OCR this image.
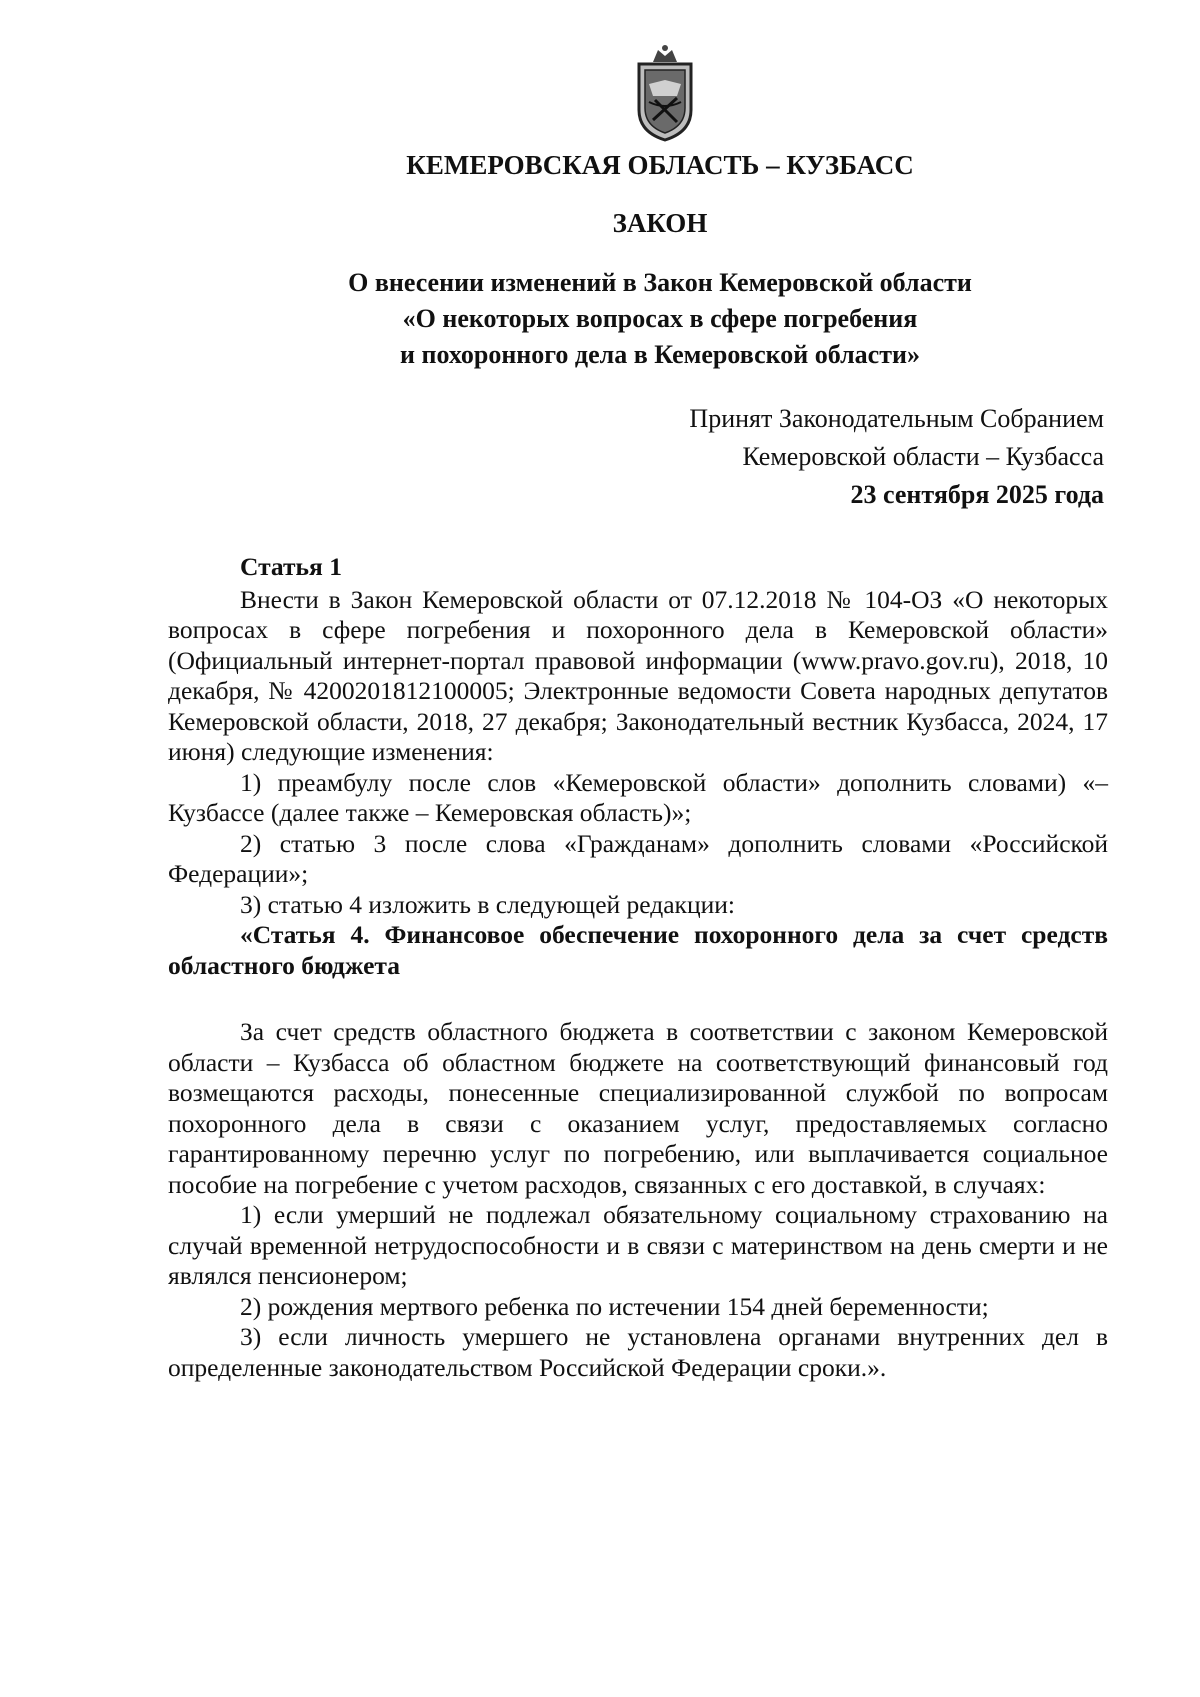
КЕМЕРОВСКАЯ ОБЛАСТЬ – КУЗБАСС
ЗАКОН
О внесении изменений в Закон Кемеровской области
«О некоторых вопросах в сфере погребения
и похоронного дела в Кемеровской области»
Принят Законодательным Собранием
Кемеровской области – Кузбасса
23 сентября 2025 года

Статья 1

Внести в Закон Кемеровской области от 07.12.2018 № 104-ОЗ «О некоторых вопросах в сфере погребения и похоронного дела в Кемеровской области» (Официальный интернет-портал правовой информации (www.pravo.gov.ru), 2018, 10 декабря, № 4200201812100005; Электронные ведомости Совета народных депутатов Кемеровской области, 2018, 27 декабря; Законодательный вестник Кузбасса, 2024, 17 июня) следующие изменения:

1) преамбулу после слов «Кемеровской области» дополнить словами) «– Кузбассе (далее также – Кемеровская область)»;

2) статью 3 после слова «Гражданам» дополнить словами «Российской Федерации»;

3) статью 4 изложить в следующей редакции:

«Статья 4. Финансовое обеспечение похоронного дела за счет средств областного бюджета

За счет средств областного бюджета в соответствии с законом Кемеровской области – Кузбасса об областном бюджете на соответствующий финансовый год возмещаются расходы, понесенные специализированной службой по вопросам похоронного дела в связи с оказанием услуг, предоставляемых согласно гарантированному перечню услуг по погребению, или выплачивается социальное пособие на погребение с учетом расходов, связанных с его доставкой, в случаях:

1) если умерший не подлежал обязательному социальному страхованию на случай временной нетрудоспособности и в связи с материнством на день смерти и не являлся пенсионером;

2) рождения мертвого ребенка по истечении 154 дней беременности;

3) если личность умершего не установлена органами внутренних дел в определенные законодательством Российской Федерации сроки.».
